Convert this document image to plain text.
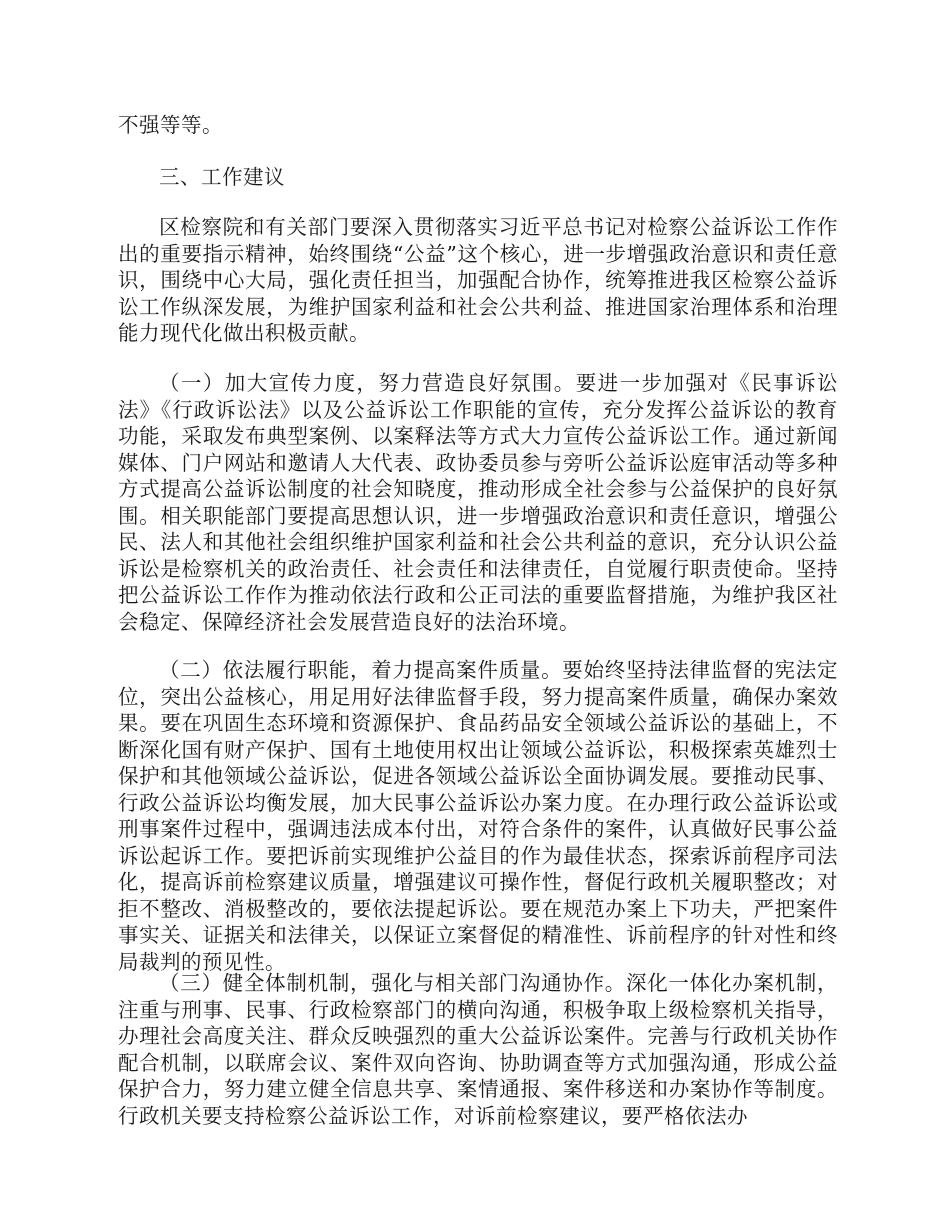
不强等等。

三、工作建议

区检察院和有关部门要深入贯彻落实习近平总书记对检察公益诉讼工作作出的重要指示精神，始终围绕“公益”这个核心，进一步增强政治意识和责任意识，围绕中心大局，强化责任担当，加强配合协作，统筹推进我区检察公益诉讼工作纵深发展，为维护国家利益和社会公共利益、推进国家治理体系和治理能力现代化做出积极贡献。

（一）加大宣传力度，努力营造良好氛围。要进一步加强对《民事诉讼法》《行政诉讼法》以及公益诉讼工作职能的宣传，充分发挥公益诉讼的教育功能，采取发布典型案例、以案释法等方式大力宣传公益诉讼工作。通过新闻媒体、门户网站和邀请人大代表、政协委员参与旁听公益诉讼庭审活动等多种方式提高公益诉讼制度的社会知晓度，推动形成全社会参与公益保护的良好氛围。相关职能部门要提高思想认识，进一步增强政治意识和责任意识，增强公民、法人和其他社会组织维护国家利益和社会公共利益的意识，充分认识公益诉讼是检察机关的政治责任、社会责任和法律责任，自觉履行职责使命。坚持把公益诉讼工作作为推动依法行政和公正司法的重要监督措施，为维护我区社会稳定、保障经济社会发展营造良好的法治环境。

（二）依法履行职能，着力提高案件质量。要始终坚持法律监督的宪法定位，突出公益核心，用足用好法律监督手段，努力提高案件质量，确保办案效果。要在巩固生态环境和资源保护、食品药品安全领域公益诉讼的基础上，不断深化国有财产保护、国有土地使用权出让领域公益诉讼，积极探索英雄烈士保护和其他领域公益诉讼，促进各领域公益诉讼全面协调发展。要推动民事、行政公益诉讼均衡发展，加大民事公益诉讼办案力度。在办理行政公益诉讼或刑事案件过程中，强调违法成本付出，对符合条件的案件，认真做好民事公益诉讼起诉工作。要把诉前实现维护公益目的作为最佳状态，探索诉前程序司法化，提高诉前检察建议质量，增强建议可操作性，督促行政机关履职整改；对拒不整改、消极整改的，要依法提起诉讼。要在规范办案上下功夫，严把案件事实关、证据关和法律关，以保证立案督促的精准性、诉前程序的针对性和终局裁判的预见性。

（三）健全体制机制，强化与相关部门沟通协作。深化一体化办案机制，注重与刑事、民事、行政检察部门的横向沟通，积极争取上级检察机关指导，办理社会高度关注、群众反映强烈的重大公益诉讼案件。完善与行政机关协作配合机制，以联席会议、案件双向咨询、协助调查等方式加强沟通，形成公益保护合力，努力建立健全信息共享、案情通报、案件移送和办案协作等制度。行政机关要支持检察公益诉讼工作，对诉前检察建议，要严格依法办
